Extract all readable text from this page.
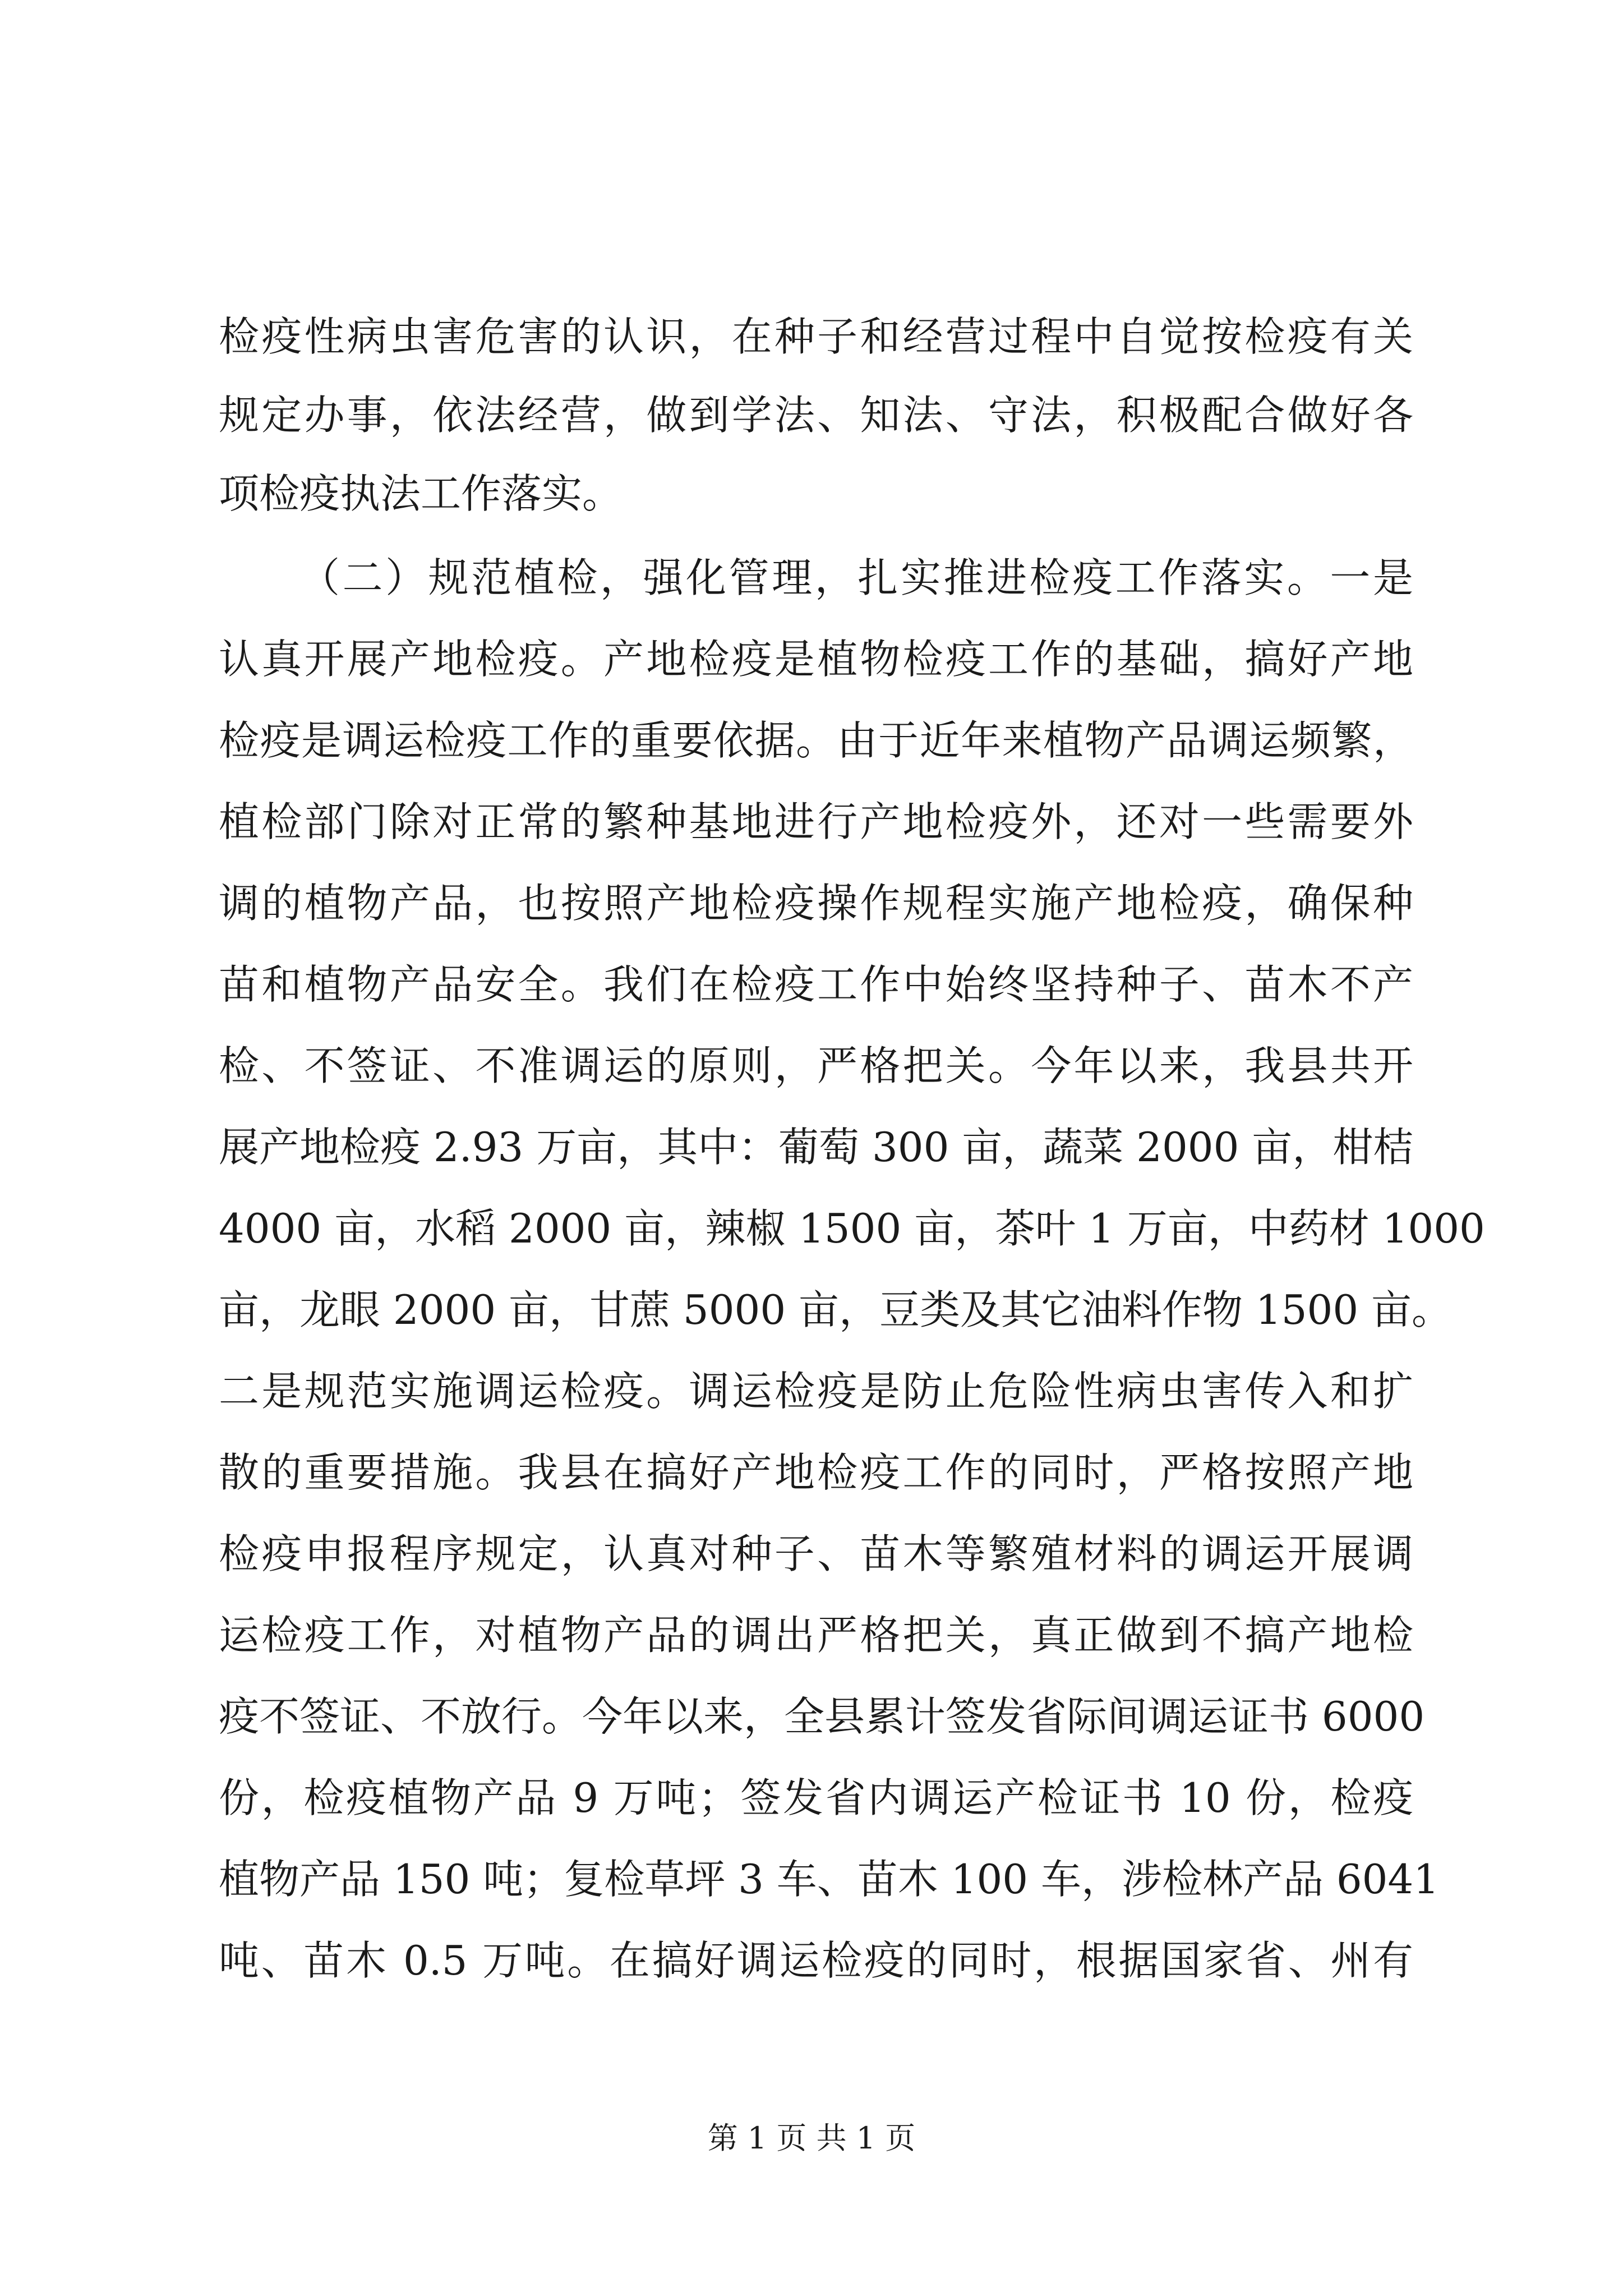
检疫性病虫害危害的认识，在种子和经营过程中自觉按检疫有关
规定办事，依法经营，做到学法、知法、守法，积极配合做好各
项检疫执法工作落实。
（二）规范植检，强化管理，扎实推进检疫工作落实。一是
认真开展产地检疫。产地检疫是植物检疫工作的基础，搞好产地
检疫是调运检疫工作的重要依据。由于近年来植物产品调运频繁，
植检部门除对正常的繁种基地进行产地检疫外，还对一些需要外
调的植物产品，也按照产地检疫操作规程实施产地检疫，确保种
苗和植物产品安全。我们在检疫工作中始终坚持种子、苗木不产
检、不签证、不准调运的原则，严格把关。今年以来，我县共开
展产地检疫 2.93 万亩，其中：葡萄 300 亩，蔬菜 2000 亩，柑桔
4000 亩，水稻 2000 亩，辣椒 1500 亩，茶叶 1 万亩，中药材 1000
亩，龙眼 2000 亩，甘蔗 5000 亩，豆类及其它油料作物 1500 亩。
二是规范实施调运检疫。调运检疫是防止危险性病虫害传入和扩
散的重要措施。我县在搞好产地检疫工作的同时，严格按照产地
检疫申报程序规定，认真对种子、苗木等繁殖材料的调运开展调
运检疫工作，对植物产品的调出严格把关，真正做到不搞产地检
疫不签证、不放行。今年以来，全县累计签发省际间调运证书 6000
份，检疫植物产品 9 万吨；签发省内调运产检证书 10 份，检疫
植物产品 150 吨；复检草坪 3 车、苗木 100 车，涉检林产品 6041
吨、苗木 0.5 万吨。在搞好调运检疫的同时，根据国家省、州有
第 1 页 共 1 页
